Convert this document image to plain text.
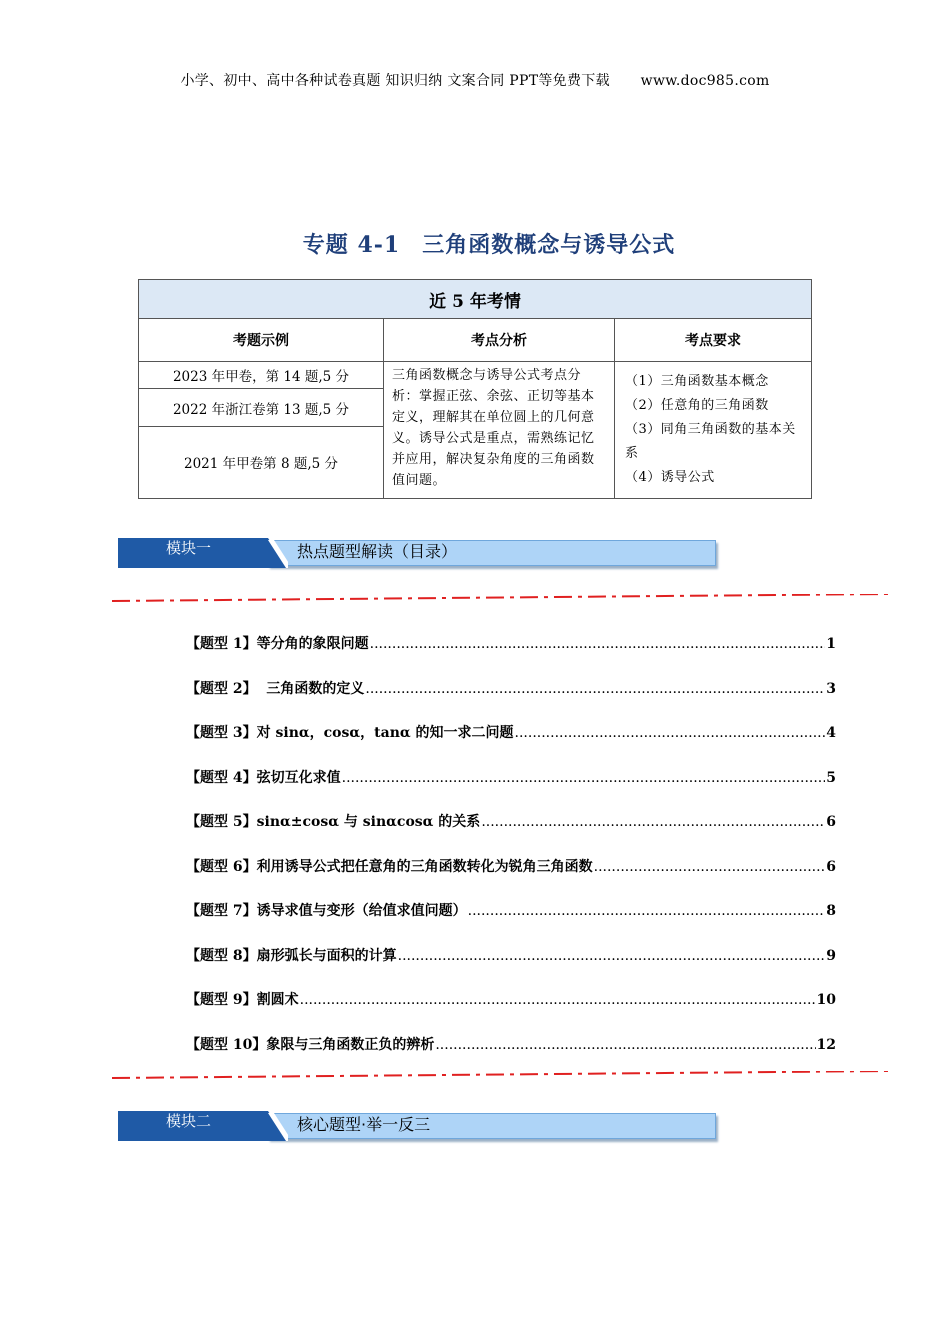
小学、初中、高中各种试卷真题 知识归纳 文案合同 PPT等免费下载 www.doc985.com
专题 4-1 三角函数概念与诱导公式
近 5 年考情		
考题示例	考点分析	考点要求
2023 年甲卷，第 14 题,5 分	三角函数概念与诱导公式考点分析：掌握正弦、余弦、正切等基本定义，理解其在单位圆上的几何意义。诱导公式是重点，需熟练记忆并应用，解决复杂角度的三角函数值问题。	（1）三角函数基本概念
（2）任意角的三角函数
（3）同角三角函数的基本关系
（4）诱导公式

2022 年浙江卷第 13 题,5 分		
2021 年甲卷第 8 题,5 分		
模块一	热点题型解读（目录）
【题型 1】等分角的象限问题 .....	1
【题型 2】  三角函数的定义 .....	3
【题型 3】对 sinα，cosα，tanα 的知一求二问题 .....	4
【题型 4】弦切互化求值 .....	5
【题型 5】sinα±cosα 与 sinαcosα 的关系 .....	6
【题型 6】利用诱导公式把任意角的三角函数转化为锐角三角函数 .....	6
【题型 7】诱导求值与变形（给值求值问题） .....	8
【题型 8】扇形弧长与面积的计算 .....	9
【题型 9】割圆术 .....	10
【题型 10】象限与三角函数正负的辨析 .....	12
模块二	核心题型·举一反三
